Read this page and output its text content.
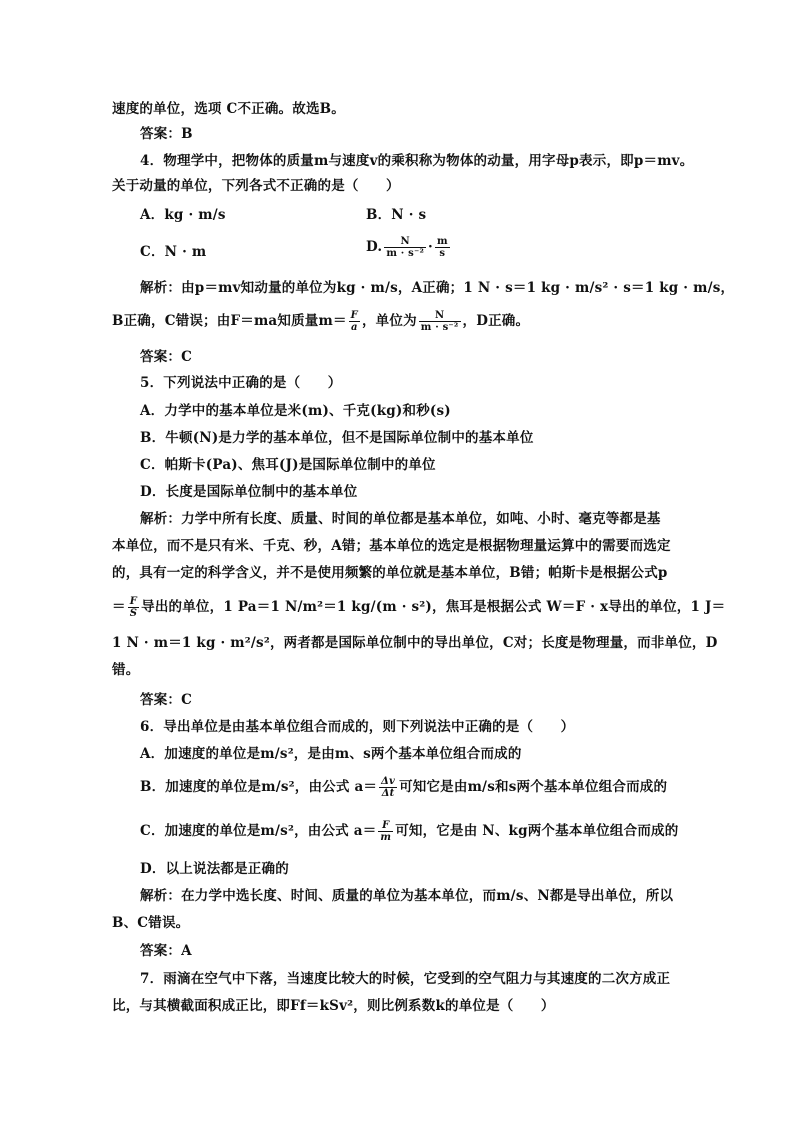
速度的单位，选项 C不正确。故选B。
答案：B
4．物理学中，把物体的质量m与速度v的乘积称为物体的动量，用字母p表示，即p＝mv。
关于动量的单位，下列各式不正确的是（　　）
A．kg · m/s	B．N · s
C．N · m	D. $\frac{N}{\text{m · s⁻²}} \cdot \frac{m}{s}$
解析：由p＝mv知动量的单位为kg · m/s，A正确；1 N · s＝1 kg · m/s² · s＝1 kg · m/s，
B正确，C错误；由F＝ma知质量$m= \frac{F}{a}$ ，单位为 $\frac{N}{\text{m · s⁻²}}$ ，D正确。
答案：C
5．下列说法中正确的是（　　）
A．力学中的基本单位是米(m)、千克(kg)和秒(s)
B．牛顿(N)是力学的基本单位，但不是国际单位制中的基本单位
C．帕斯卡(Pa)、焦耳(J)是国际单位制中的单位
D．长度是国际单位制中的基本单位
解析：力学中所有长度、质量、时间的单位都是基本单位，如吨、小时、毫克等都是基
本单位，而不是只有米、千克、秒，A错；基本单位的选定是根据物理量运算中的需要而选定
的，具有一定的科学含义，并不是使用频繁的单位就是基本单位，B错；帕斯卡是根据公式p
＝ $\frac{F}{S}$ 导出的单位，1 Pa＝1 N/m²＝1 kg/(m · s²)，焦耳是根据公式 W＝F · x导出的单位，1 J＝
1 N · m＝1 kg · m²/s²，两者都是国际单位制中的导出单位，C对；长度是物理量，而非单位，D
错。
答案：C
6．导出单位是由基本单位组合而成的，则下列说法中正确的是（　　）
A．加速度的单位是m/s²，是由m、s两个基本单位组合而成的
B．加速度的单位是m/s²，由公式 $a= \frac{\Delta v}{\Delta t}$ 可知它是由m/s和s两个基本单位组合而成的
C．加速度的单位是m/s²，由公式 $a= \frac{F}{m}$ 可知，它是由 N、kg两个基本单位组合而成的
D．以上说法都是正确的
解析：在力学中选长度、时间、质量的单位为基本单位，而m/s、N都是导出单位，所以
B、C错误。
答案：A
7．雨滴在空气中下落，当速度比较大的时候，它受到的空气阻力与其速度的二次方成正
比，与其横截面积成正比，即Ff＝kSv²，则比例系数k的单位是（　　）
